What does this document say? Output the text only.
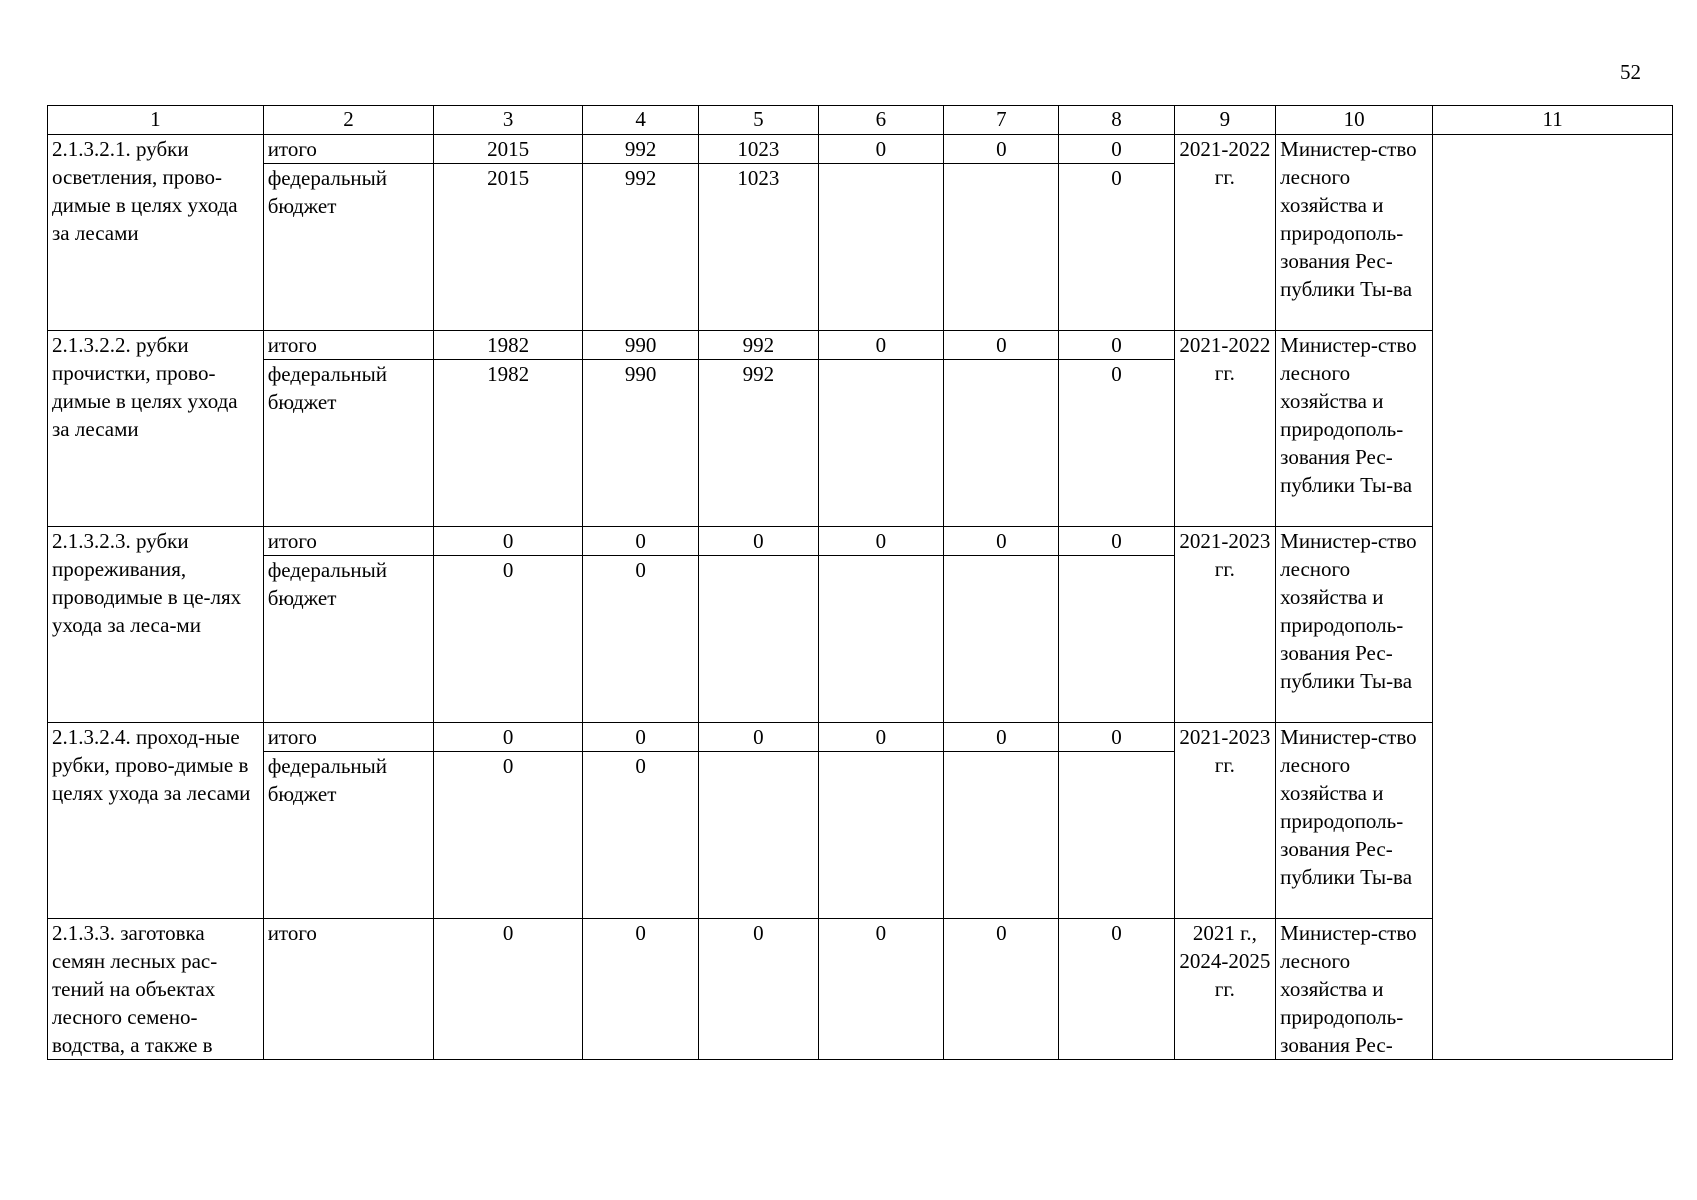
52
1	2	3	4	5	6	7	8	9	10	11
2.1.3.2.1. рубки осветления, прово-димые в целях ухода за лесами	итого	2015	992	1023	0	0	0	2021-2022 гг.	Министер-ство лесного хозяйства и природополь-зования Рес-публики Ты-ва	
	федеральный бюджет	2015	992	1023			0			
2.1.3.2.2. рубки прочистки, прово-димые в целях ухода за лесами	итого	1982	990	992	0	0	0	2021-2022 гг.	Министер-ство лесного хозяйства и природополь-зования Рес-публики Ты-ва	
	федеральный бюджет	1982	990	992			0			
2.1.3.2.3. рубки прореживания, проводимые в це-лях ухода за леса-ми	итого	0	0	0	0	0	0	2021-2023 гг.	Министер-ство лесного хозяйства и природополь-зования Рес-публики Ты-ва	
	федеральный бюджет	0	0							
2.1.3.2.4. проход-ные рубки, прово-димые в целях ухода за лесами	итого	0	0	0	0	0	0	2021-2023 гг.	Министер-ство лесного хозяйства и природополь-зования Рес-публики Ты-ва	
	федеральный бюджет	0	0							
2.1.3.3. заготовка семян лесных рас-тений на объектах лесного семено-водства, а также в	итого	0	0	0	0	0	0	2021 г., 2024-2025 гг.	Министер-ство лесного хозяйства и природополь-зования Рес-	
